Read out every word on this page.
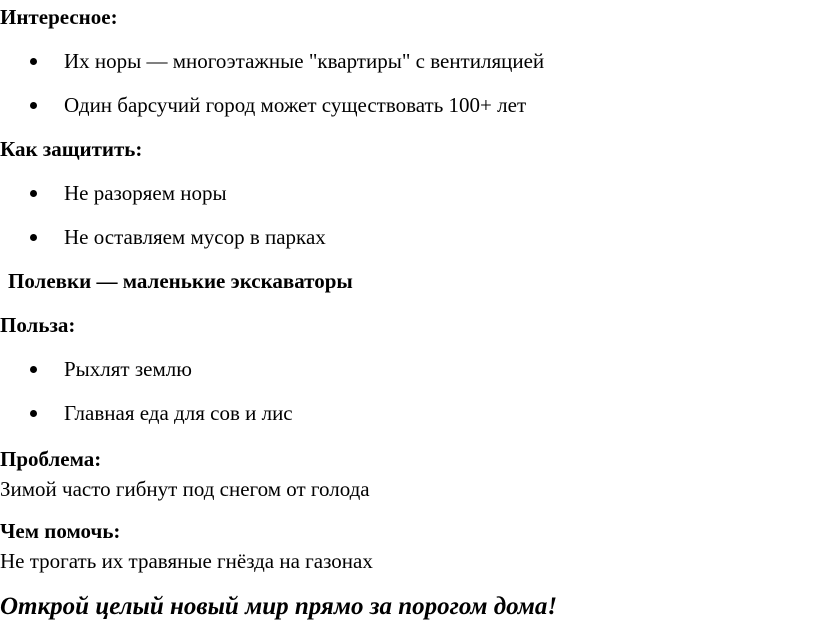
Интересное:
Их норы — многоэтажные "квартиры" с вентиляцией
Один барсучий город может существовать 100+ лет
Как защитить:
Не разоряем норы
Не оставляем мусор в парках
Полевки — маленькие экскаваторы
Польза:
Рыхлят землю
Главная еда для сов и лис
Проблема:
Зимой часто гибнут под снегом от голода
Чем помочь:
Не трогать их травяные гнёзда на газонах
Открой целый новый мир прямо за порогом дома!
